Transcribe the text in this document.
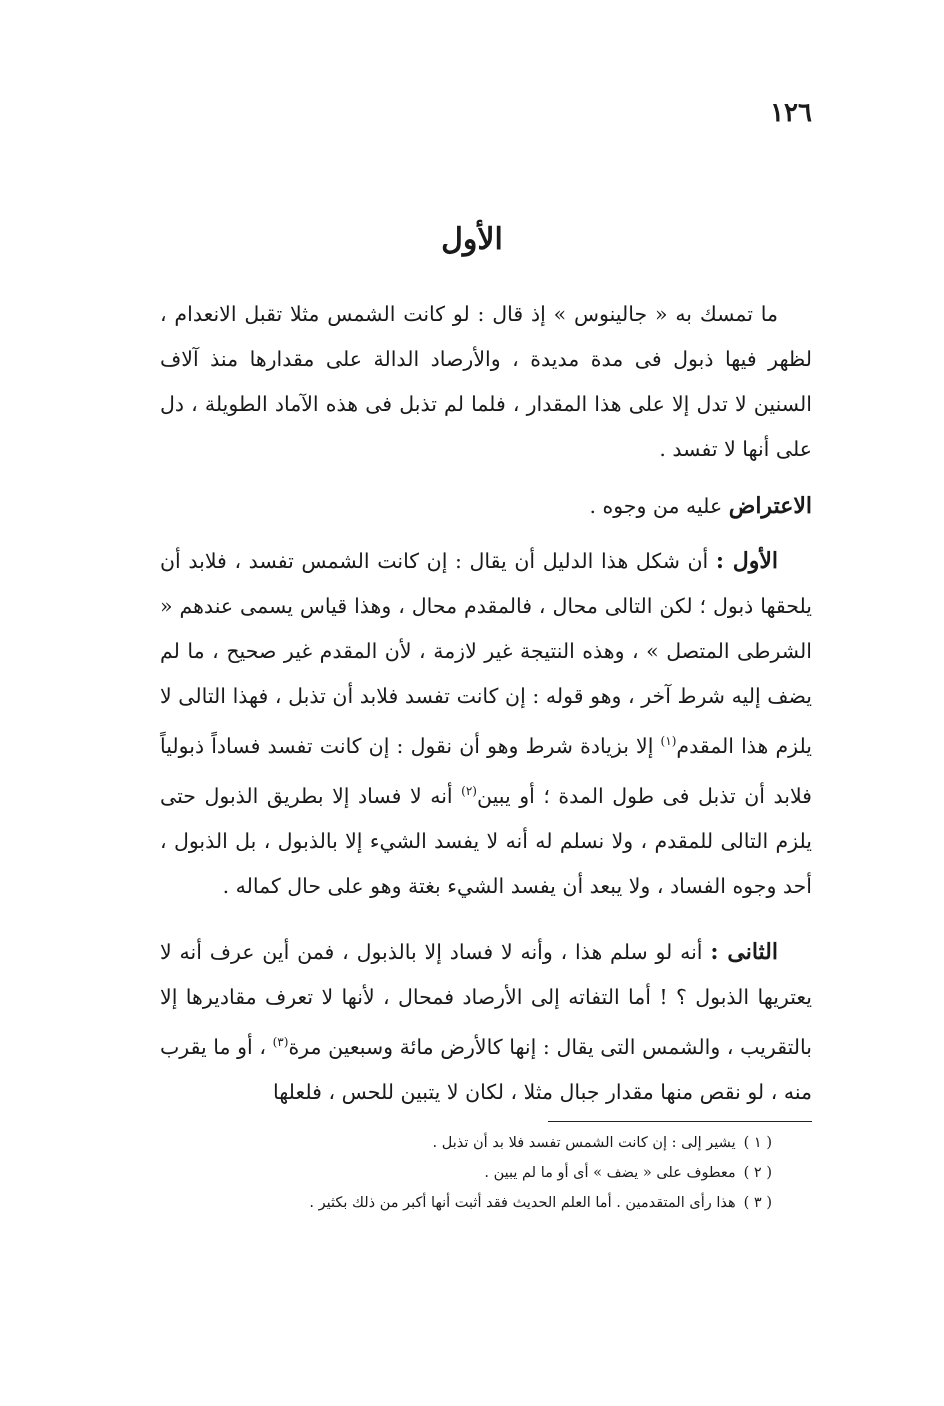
١٢٦
الأول

ما تمسك به « جالينوس » إذ قال : لو كانت الشمس مثلا تقبل الانعدام ، لظهر فيها ذبول فى مدة مديدة ، والأرصاد الدالة على مقدارها منذ آلاف السنين لا تدل إلا على هذا المقدار ، فلما لم تذبل فى هذه الآماد الطويلة ، دل على أنها لا تفسد .

الاعتراض عليه من وجوه .

الأول : أن شكل هذا الدليل أن يقال : إن كانت الشمس تفسد ، فلابد أن يلحقها ذبول ؛ لكن التالى محال ، فالمقدم محال ، وهذا قياس يسمى عندهم « الشرطى المتصل » ، وهذه النتيجة غير لازمة ، لأن المقدم غير صحيح ، ما لم يضف إليه شرط آخر ، وهو قوله : إن كانت تفسد فلابد أن تذبل ، فهذا التالى لا يلزم هذا المقدم$^{(١)}$ إلا بزيادة شرط وهو أن نقول : إن كانت تفسد فساداً ذبولياً فلابد أن تذبل فى طول المدة ؛ أو يبين$^{(٢)}$ أنه لا فساد إلا بطريق الذبول حتى يلزم التالى للمقدم ، ولا نسلم له أنه لا يفسد الشيء إلا بالذبول ، بل الذبول ، أحد وجوه الفساد ، ولا يبعد أن يفسد الشيء بغتة وهو على حال كماله .

الثانى : أنه لو سلم هذا ، وأنه لا فساد إلا بالذبول ، فمن أين عرف أنه لا يعتريها الذبول ؟ ! أما التفاته إلى الأرصاد فمحال ، لأنها لا تعرف مقاديرها إلا بالتقريب ، والشمس التى يقال : إنها كالأرض مائة وسبعين مرة$^{(٣)}$ ، أو ما يقرب منه ، لو نقص منها مقدار جبال مثلا ، لكان لا يتبين للحس ، فلعلها

( ١ )يشير إلى : إن كانت الشمس تفسد فلا بد أن تذبل .
( ٢ )معطوف على « يضف » أى أو ما لم يبين .
( ٣ )هذا رأى المتقدمين . أما العلم الحديث فقد أثبت أنها أكبر من ذلك بكثير .
